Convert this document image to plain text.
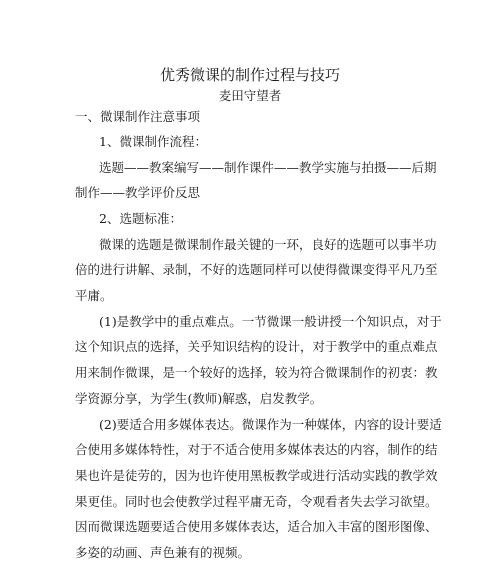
优秀微课的制作过程与技巧
麦田守望者
一、微课制作注意事项
1、微课制作流程：
选题——教案编写——制作课件——教学实施与拍摄——后期
制作——教学评价反思
2、选题标准：
微课的选题是微课制作最关键的一环，良好的选题可以事半功
倍的进行讲解、录制，不好的选题同样可以使得微课变得平凡乃至
平庸。
(1)是教学中的重点难点。一节微课一般讲授一个知识点，对于
这个知识点的选择，关乎知识结构的设计，对于教学中的重点难点
用来制作微课，是一个较好的选择，较为符合微课制作的初衷：教
学资源分享，为学生(教师)解惑，启发教学。
(2)要适合用多媒体表达。微课作为一种媒体，内容的设计要适
合使用多媒体特性，对于不适合使用多媒体表达的内容，制作的结
果也许是徒劳的，因为也许使用黑板教学或进行活动实践的教学效
果更佳。同时也会使教学过程平庸无奇，令观看者失去学习欲望。
因而微课选题要适合使用多媒体表达，适合加入丰富的图形图像、
多姿的动画、声色兼有的视频。
